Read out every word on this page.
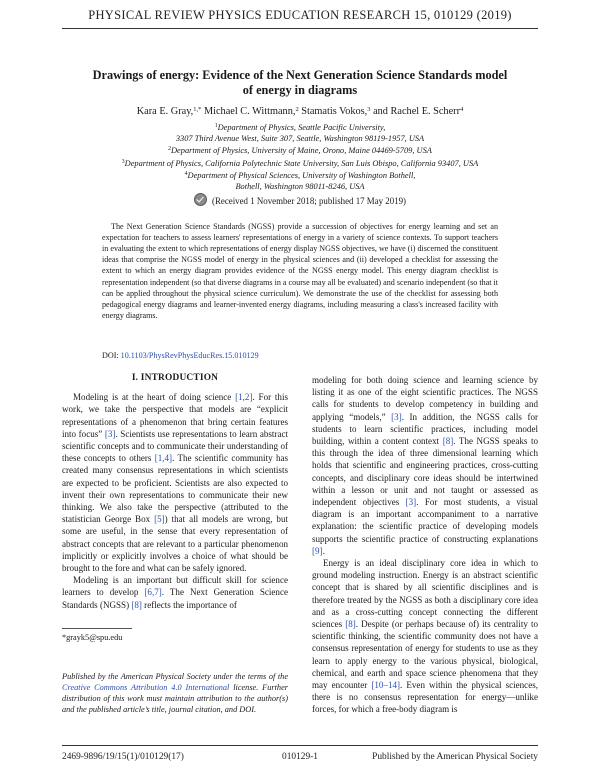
PHYSICAL REVIEW PHYSICS EDUCATION RESEARCH 15, 010129 (2019)
Drawings of energy: Evidence of the Next Generation Science Standards model
of energy in diagrams
Kara E. Gray,$^{1,*}$ Michael C. Wittmann,$^2$ Stamatis Vokos,$^3$ and Rachel E. Scherr$^4$
$^1$Department of Physics, Seattle Pacific University,
3307 Third Avenue West, Suite 307, Seattle, Washington 98119-1957, USA
$^2$Department of Physics, University of Maine, Orono, Maine 04469-5709, USA
$^3$Department of Physics, California Polytechnic State University, San Luis Obispo, California 93407, USA
$^4$Department of Physical Sciences, University of Washington Bothell,
Bothell, Washington 98011-8246, USA
(Received 1 November 2018; published 17 May 2019)

The Next Generation Science Standards (NGSS) provide a succession of objectives for energy learning and set an expectation for teachers to assess learners' representations of energy in a variety of science contexts. To support teachers in evaluating the extent to which representations of energy display NGSS objectives, we have (i) discerned the constituent ideas that comprise the NGSS model of energy in the physical sciences and (ii) developed a checklist for assessing the extent to which an energy diagram provides evidence of the NGSS energy model. This energy diagram checklist is representation independent (so that diverse diagrams in a course may all be evaluated) and scenario independent (so that it can be applied throughout the physical science curriculum). We demonstrate the use of the checklist for assessing both pedagogical energy diagrams and learner-invented energy diagrams, including measuring a class's increased facility with energy diagrams.

DOI: 10.1103/PhysRevPhysEducRes.15.010129
I. INTRODUCTION

Modeling is at the heart of doing science [1,2]. For this work, we take the perspective that models are “explicit representations of a phenomenon that bring certain features into focus” [3]. Scientists use representations to learn abstract scientific concepts and to communicate their understanding of these concepts to others [1,4]. The scientific community has created many consensus representations in which scientists are expected to be proficient. Scientists are also expected to invent their own representations to communicate their new thinking. We also take the perspective (attributed to the statistician George Box [5]) that all models are wrong, but some are useful, in the sense that every representation of abstract concepts that are relevant to a particular phenomenon implicitly or explicitly involves a choice of what should be brought to the fore and what can be safely ignored.

Modeling is an important but difficult skill for science learners to develop [6,7]. The Next Generation Science Standards (NGSS) [8] reflects the importance of

modeling for both doing science and learning science by listing it as one of the eight scientific practices. The NGSS calls for students to develop competency in building and applying “models,” [3]. In addition, the NGSS calls for students to learn scientific practices, including model building, within a content context [8]. The NGSS speaks to this through the idea of three dimensional learning which holds that scientific and engineering practices, cross-cutting concepts, and disciplinary core ideas should be intertwined within a lesson or unit and not taught or assessed as independent objectives [3]. For most students, a visual diagram is an important accompaniment to a narrative explanation: the scientific practice of developing models supports the scientific practice of constructing explanations [9].

Energy is an ideal disciplinary core idea in which to ground modeling instruction. Energy is an abstract scientific concept that is shared by all scientific disciplines and is therefore treated by the NGSS as both a disciplinary core idea and as a cross-cutting concept connecting the different sciences [8]. Despite (or perhaps because of) its centrality to scientific thinking, the scientific community does not have a consensus representation of energy for students to use as they learn to apply energy to the various physical, biological, chemical, and earth and space science phenomena that they may encounter [10–14]. Even within the physical sciences, there is no consensus representation for energy—unlike forces, for which a free-body diagram is

*grayk5@spu.edu

Published by the American Physical Society under the terms of the Creative Commons Attribution 4.0 International license. Further distribution of this work must maintain attribution to the author(s) and the published article’s title, journal citation, and DOI.

2469-9896/19/15(1)/010129(17)	010129-1	Published by the American Physical Society
